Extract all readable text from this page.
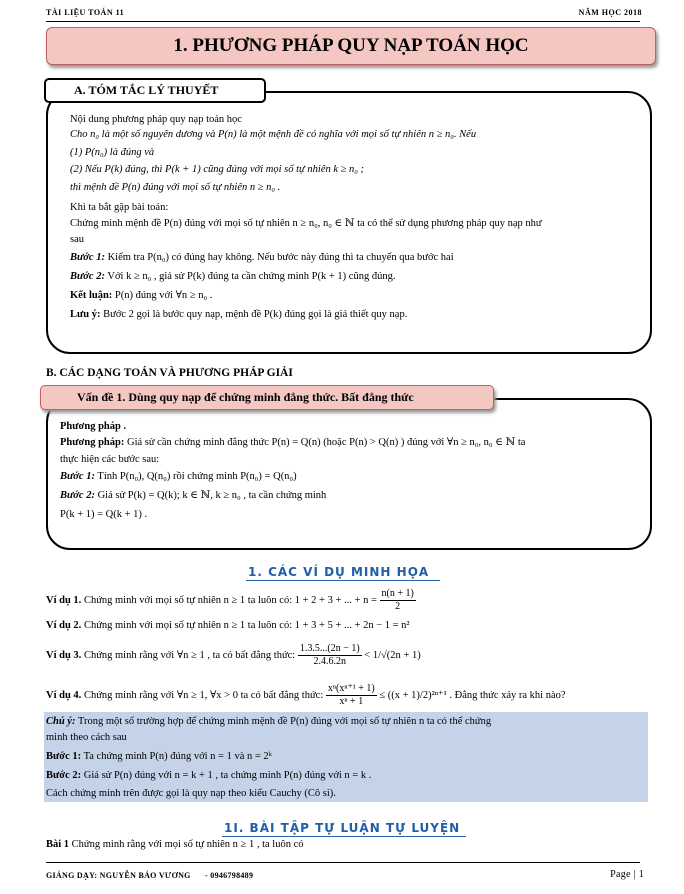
TÀI LIỆU TOÁN 11	NĂM HỌC 2018
1. PHƯƠNG PHÁP QUY NẠP TOÁN HỌC
A. TÓM TẮC LÝ THUYẾT
Nội dung phương pháp quy nạp toán học
Cho n₀ là một số nguyên dương và P(n) là một mệnh đề có nghĩa với mọi số tự nhiên n ≥ n₀. Nếu
(1) P(n₀) là đúng và
(2) Nếu P(k) đúng, thì P(k + 1) cũng đúng với mọi số tự nhiên k ≥ n₀ ;
thì mệnh đề P(n) đúng với mọi số tự nhiên n ≥ n₀ .
Khi ta bắt gặp bài toán:
Chứng minh mệnh đề P(n) đúng với mọi số tự nhiên n ≥ n₀, n₀ ∈ ℕ ta có thể sử dụng phương pháp quy nạp như
sau
Bước 1: Kiểm tra P(n₀) có đúng hay không. Nếu bước này đúng thì ta chuyển qua bước hai
Bước 2: Với k ≥ n₀ , giả sử P(k) đúng ta cần chứng minh P(k + 1) cũng đúng.
Kết luận: P(n) đúng với ∀n ≥ n₀ .
Lưu ý: Bước 2 gọi là bước quy nạp, mệnh đề P(k) đúng gọi là giả thiết quy nạp.
B. CÁC DẠNG TOÁN VÀ PHƯƠNG PHÁP GIẢI
Vấn đề 1. Dùng quy nạp để chứng minh đẳng thức. Bất đẳng thức
Phương pháp .
Phương pháp: Giả sử cần chứng minh đẳng thức P(n) = Q(n) (hoặc P(n) > Q(n) ) đúng với ∀n ≥ n₀, n₀ ∈ ℕ ta
thực hiện các bước sau:
Bước 1: Tính P(n₀), Q(n₀) rồi chứng minh P(n₀) = Q(n₀)
Bước 2: Giả sử P(k) = Q(k); k ∈ ℕ, k ≥ n₀ , ta cần chứng minh
P(k + 1) = Q(k + 1) .
1. CÁC VÍ DỤ MINH HỌA
Ví dụ 1. Chứng minh với mọi số tự nhiên n ≥ 1 ta luôn có: 1 + 2 + 3 + ... + $n = \frac{n(n + 1)}{2}$
Ví dụ 2. Chứng minh với mọi số tự nhiên n ≥ 1 ta luôn có: 1 + 3 + 5 + ... + 2n − 1 = n²
Ví dụ 3. Chứng minh rằng với ∀n ≥ 1 , ta có bất đẳng thức: $\frac{1.3.5...(2n - 1)}{2.4.6.2n} < 1/√(2n + 1)$
Ví dụ 4. Chứng minh rằng với ∀n ≥ 1, ∀x > 0 ta có bất đẳng thức: $\frac{\text{xⁿ(xⁿ⁺¹ + 1)}}{\text{xⁿ + 1}} \le ((x + 1)/2)^{2n+1}$ . Đẳng thức xảy ra khi nào?
Chú ý: Trong một số trường hợp để chứng minh mệnh đề P(n) đúng với mọi số tự nhiên n ta có thể chứng
minh theo cách sau
Bước 1: Ta chứng minh P(n) đúng với n = 1 và n = 2ᵏ
Bước 2: Giả sử P(n) đúng với n = k + 1 , ta chứng minh P(n) đúng với n = k .
Cách chứng minh trên được gọi là quy nạp theo kiểu Cauchy (Cô si).
1I. BÀI TẬP TỰ LUẬN TỰ LUYỆN
Bài 1 Chứng minh rằng với mọi số tự nhiên n ≥ 1 , ta luôn có
GIẢNG DẠY: NGUYỄN BẢO VƯƠNG - 0946798489	Page | 1
